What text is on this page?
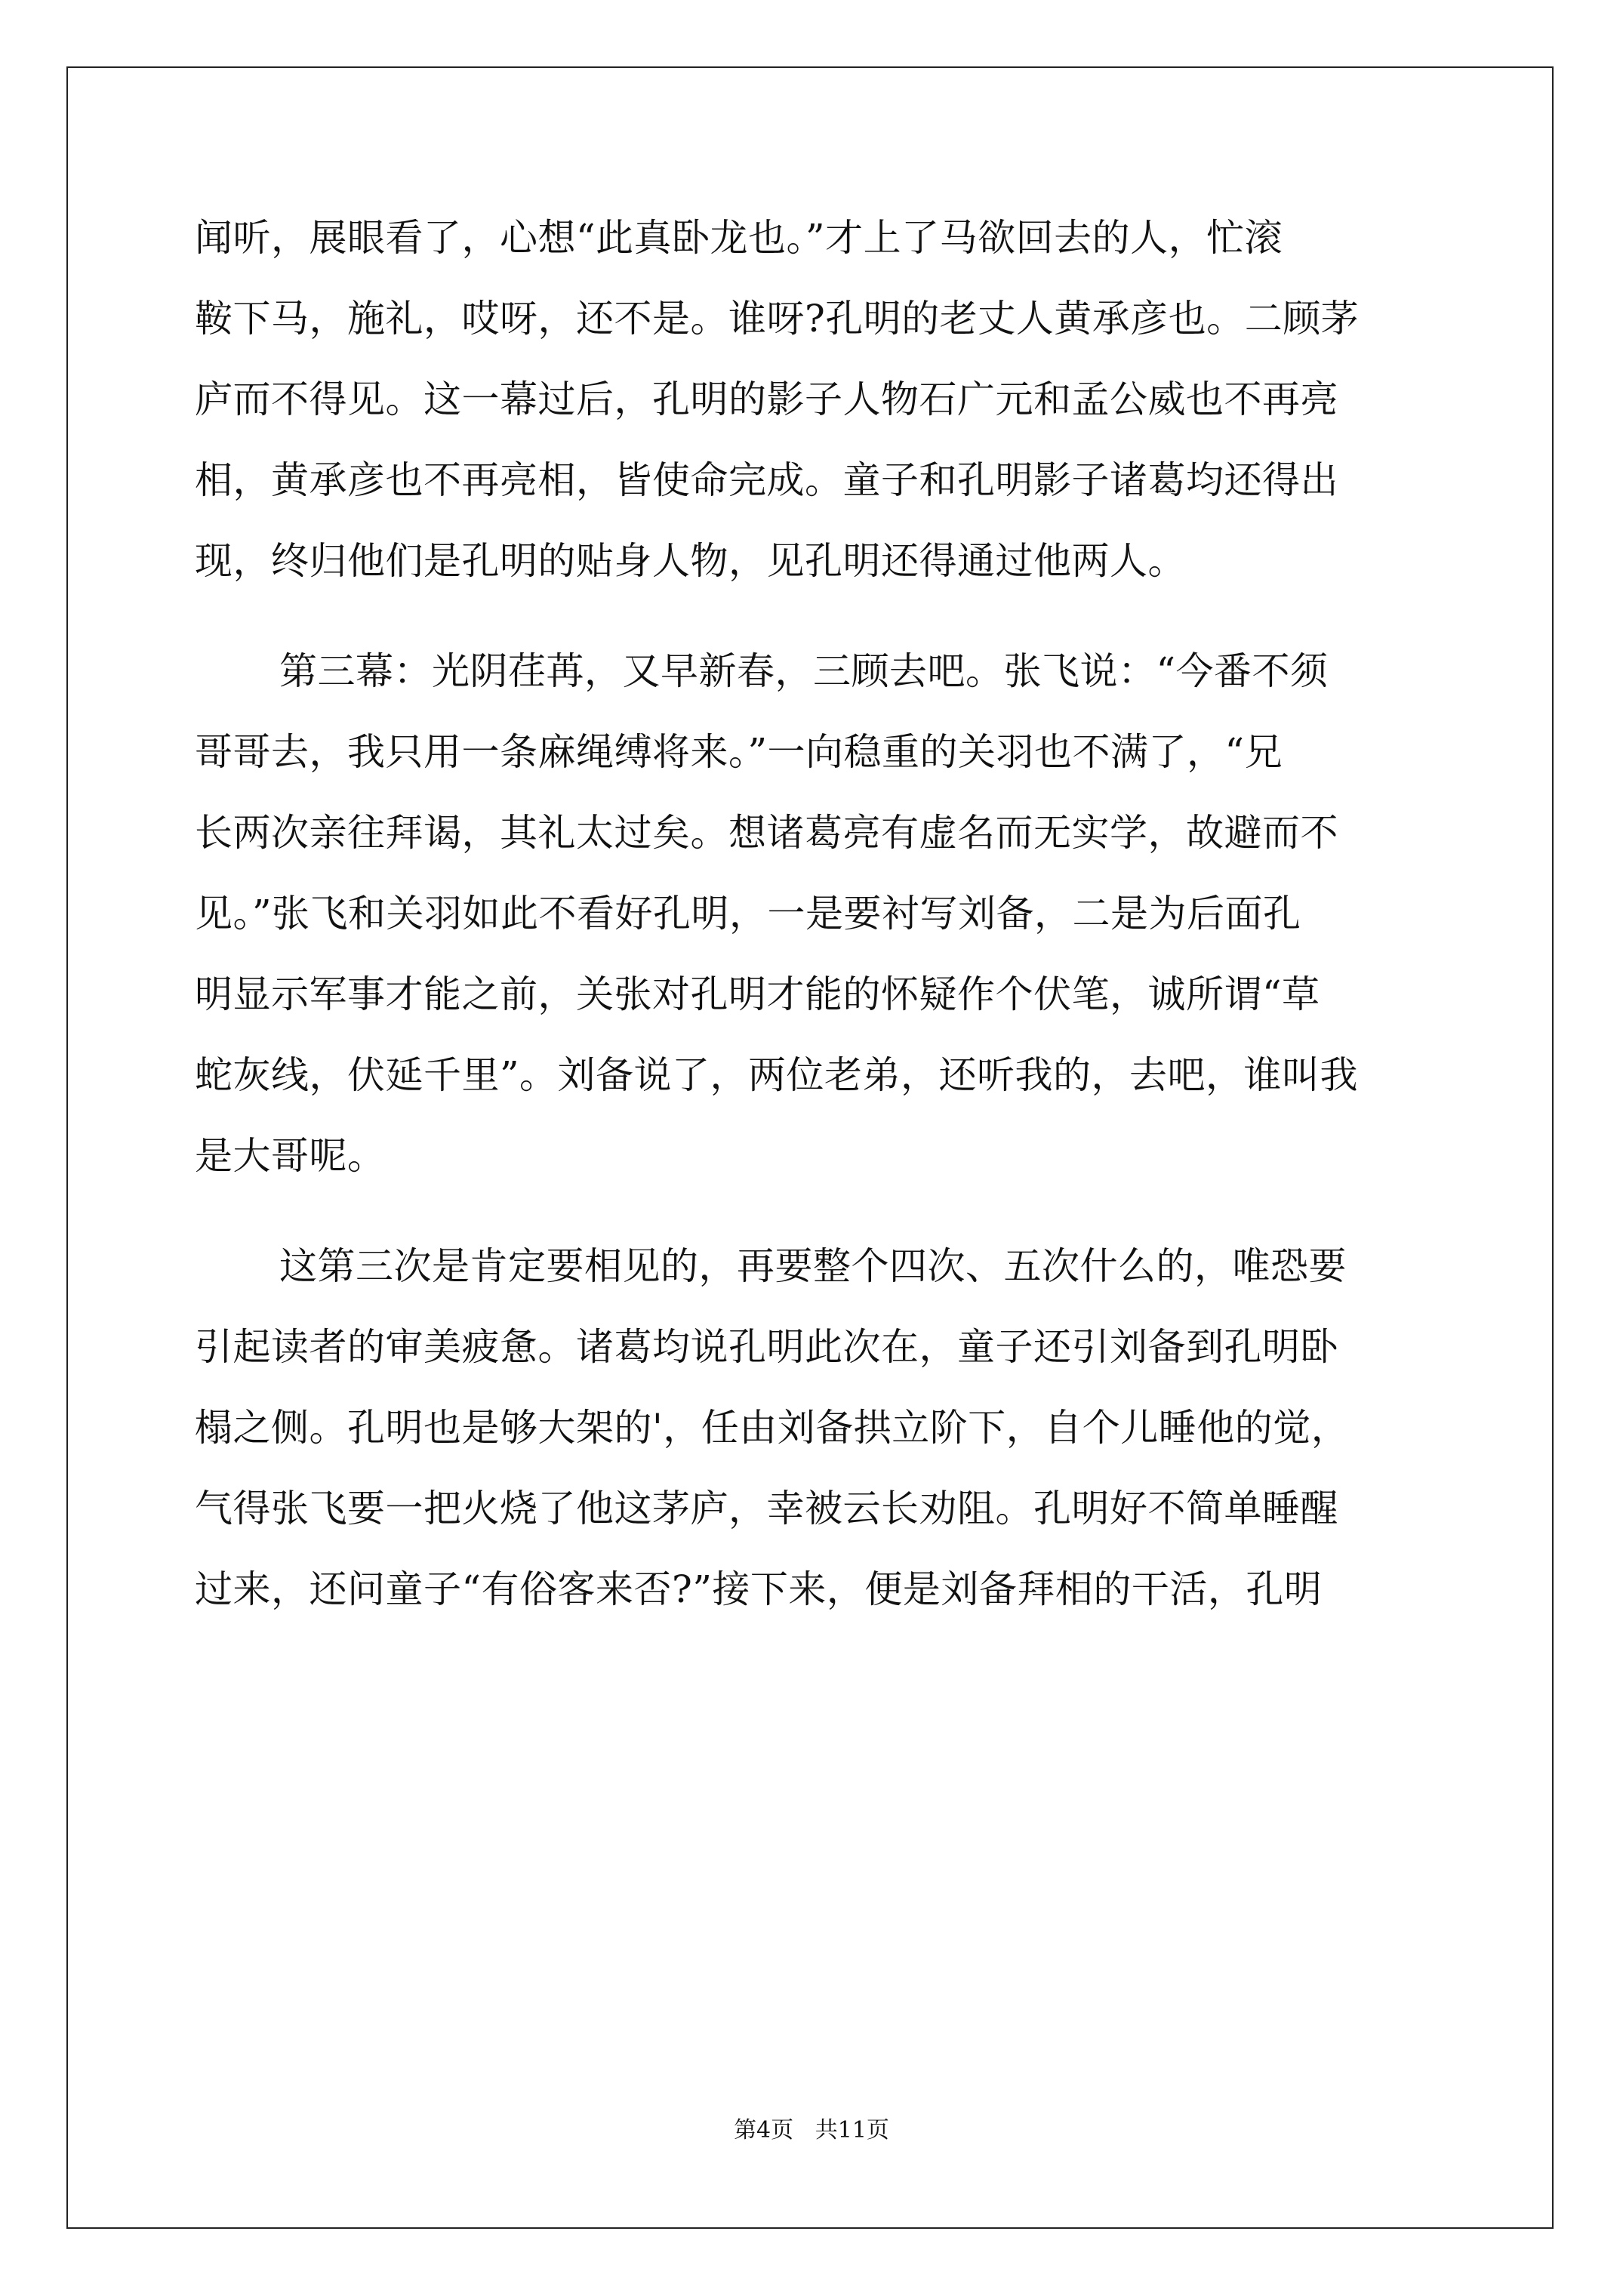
闻听，展眼看了，心想“此真卧龙也。”才上了马欲回去的人，忙滚
鞍下马，施礼，哎呀，还不是。谁呀?孔明的老丈人黄承彦也。二顾茅
庐而不得见。这一幕过后，孔明的影子人物石广元和孟公威也不再亮
相，黄承彦也不再亮相，皆使命完成。童子和孔明影子诸葛均还得出
现，终归他们是孔明的贴身人物，见孔明还得通过他两人。
第三幕：光阴荏苒，又早新春，三顾去吧。张飞说：“今番不须
哥哥去，我只用一条麻绳缚将来。”一向稳重的关羽也不满了，“兄
长两次亲往拜谒，其礼太过矣。想诸葛亮有虚名而无实学，故避而不
见。”张飞和关羽如此不看好孔明，一是要衬写刘备，二是为后面孔
明显示军事才能之前，关张对孔明才能的怀疑作个伏笔，诚所谓“草
蛇灰线，伏延千里”。刘备说了，两位老弟，还听我的，去吧，谁叫我
是大哥呢。
这第三次是肯定要相见的，再要整个四次、五次什么的，唯恐要
引起读者的审美疲惫。诸葛均说孔明此次在，童子还引刘备到孔明卧
榻之侧。孔明也是够大架的'，任由刘备拱立阶下，自个儿睡他的觉，
气得张飞要一把火烧了他这茅庐，幸被云长劝阻。孔明好不简单睡醒
过来，还问童子“有俗客来否?”接下来，便是刘备拜相的干活，孔明
第4页   共11页
